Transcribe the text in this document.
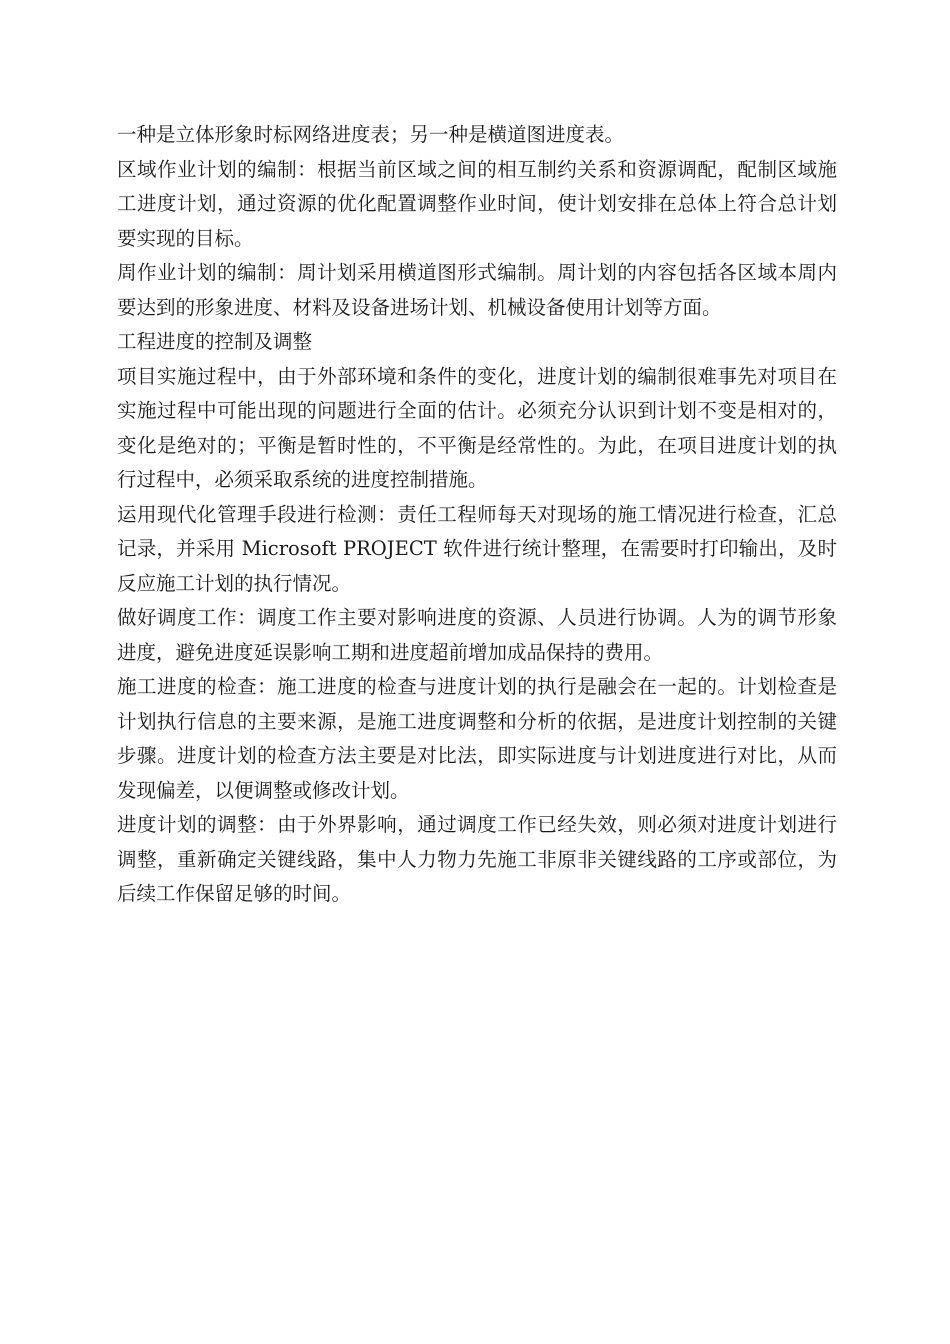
一种是立体形象时标网络进度表；另一种是横道图进度表。

区域作业计划的编制：根据当前区域之间的相互制约关系和资源调配，配制区域施工进度计划，通过资源的优化配置调整作业时间，使计划安排在总体上符合总计划要实现的目标。

周作业计划的编制：周计划采用横道图形式编制。周计划的内容包括各区域本周内要达到的形象进度、材料及设备进场计划、机械设备使用计划等方面。

工程进度的控制及调整

项目实施过程中，由于外部环境和条件的变化，进度计划的编制很难事先对项目在实施过程中可能出现的问题进行全面的估计。必须充分认识到计划不变是相对的，变化是绝对的；平衡是暂时性的，不平衡是经常性的。为此，在项目进度计划的执行过程中，必须采取系统的进度控制措施。

运用现代化管理手段进行检测：责任工程师每天对现场的施工情况进行检查，汇总记录，并采用 Microsoft PROJECT 软件进行统计整理，在需要时打印输出，及时反应施工计划的执行情况。

做好调度工作：调度工作主要对影响进度的资源、人员进行协调。人为的调节形象进度，避免进度延误影响工期和进度超前增加成品保持的费用。

施工进度的检查：施工进度的检查与进度计划的执行是融会在一起的。计划检查是计划执行信息的主要来源，是施工进度调整和分析的依据，是进度计划控制的关键步骤。进度计划的检查方法主要是对比法，即实际进度与计划进度进行对比，从而发现偏差，以便调整或修改计划。

进度计划的调整：由于外界影响，通过调度工作已经失效，则必须对进度计划进行调整，重新确定关键线路，集中人力物力先施工非原非关键线路的工序或部位，为后续工作保留足够的时间。
